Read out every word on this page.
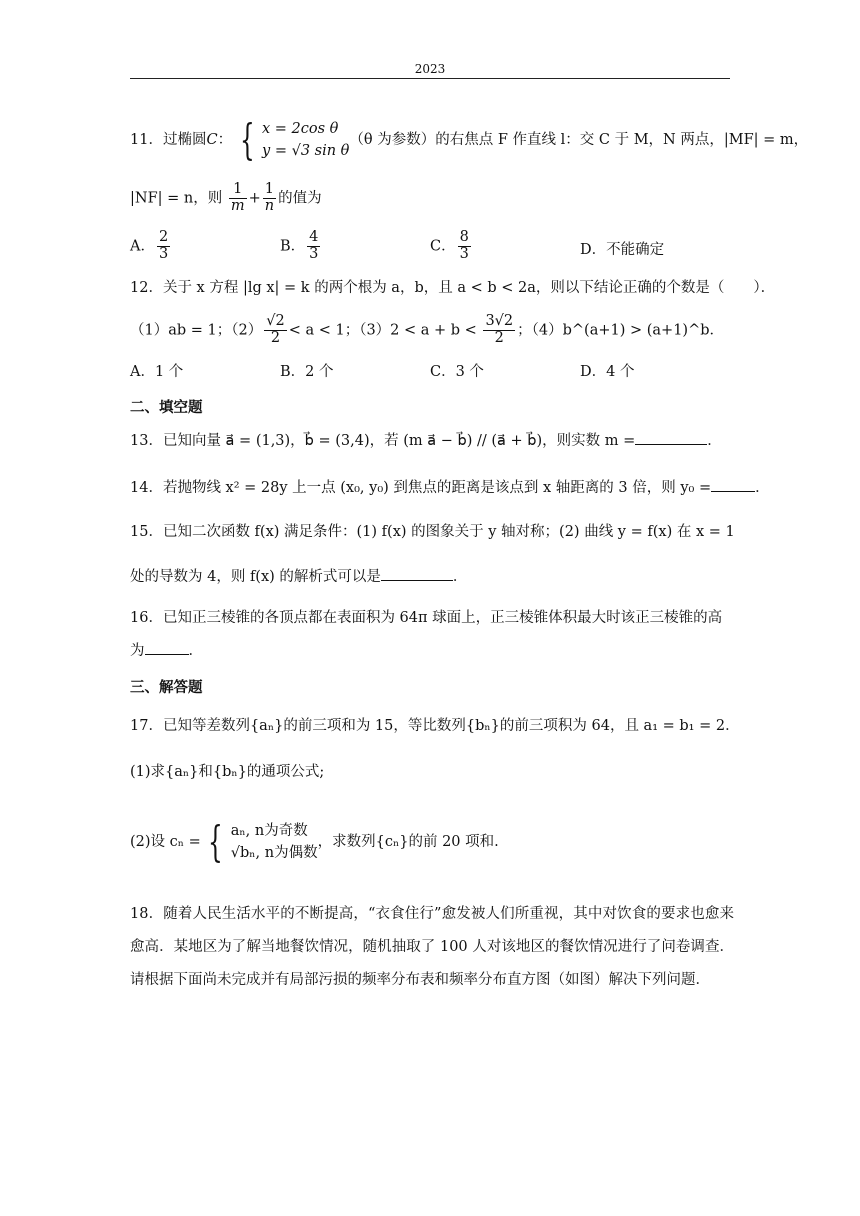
2023
11．过椭圆C： { x = 2cos θ
y = √3 sin θ
（θ 为参数）的右焦点 F 作直线 l：交 C 于 M，N 两点，|MF| = m，
|NF| = n，则 $\frac{1}{m} + \frac{1}{n}$ 的值为
A． $\frac{2}{3}$	B． $\frac{4}{3}$	C． $\frac{8}{3}$	D．不能确定
12．关于 x 方程 |lg x| = k 的两个根为 a，b，且 a < b < 2a，则以下结论正确的个数是（　　）．
（1）ab = 1；$(2) \frac{√2}{2} < a < 1$；$(3)2 < a + b < \frac{3√2}{2}$ ；（4）b^(a+1) > (a+1)^b．
A．1 个	B．2 个	C．3 个	D．4 个
二、填空题
13．已知向量 a⃗ = (1,3)，b⃗ = (3,4)，若 (m a⃗ − b⃗) // (a⃗ + b⃗)，则实数 m =	．
14．若抛物线 x² = 28y 上一点 (x₀, y₀) 到焦点的距离是该点到 x 轴距离的 3 倍，则 y₀ =	．
15．已知二次函数 f(x) 满足条件：(1) f(x) 的图象关于 y 轴对称；(2) 曲线 y = f(x) 在 x = 1
处的导数为 4，则 f(x) 的解析式可以是	．
16．已知正三棱锥的各顶点都在表面积为 64π 球面上，正三棱锥体积最大时该正三棱锥的高
为	．
三、解答题
17．已知等差数列{aₙ}的前三项和为 15，等比数列{bₙ}的前三项积为 64，且 a₁ = b₁ = 2．
(1)求{aₙ}和{bₙ}的通项公式;
(2)设 cₙ = { aₙ, n为奇数
√bₙ, n为偶数
，求数列{cₙ}的前 20 项和.
18．随着人民生活水平的不断提高，“衣食住行”愈发被人们所重视，其中对饮食的要求也愈来愈高．某地区为了解当地餐饮情况，随机抽取了 100 人对该地区的餐饮情况进行了问卷调查．请根据下面尚未完成并有局部污损的频率分布表和频率分布直方图（如图）解决下列问题．
